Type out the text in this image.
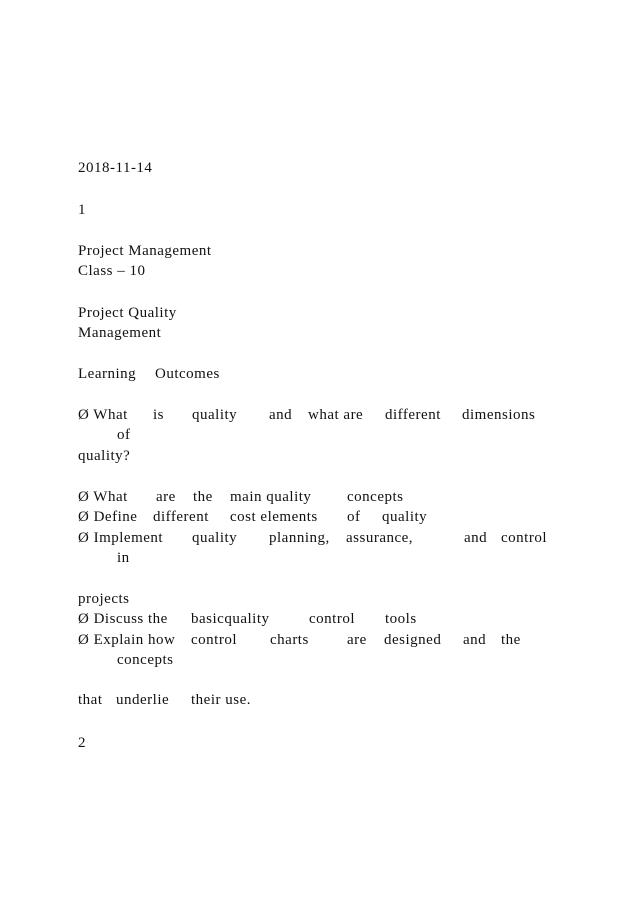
2018-11-14
1
Project Management
Class – 10
Project Quality
Management

Learning

Outcomes

Ø What

is

quality

and

what are

different

dimensions

of
quality?

Ø What

are

the

main quality

concepts

Ø Define

different

cost elements

of

quality

Ø Implement

quality

planning,

assurance,

	and

control

in
projects

Ø Discuss the

basicquality

	control

tools

Ø Explain how

control

charts

	are

designed

and

the

concepts

that

underlie

their use.

2
